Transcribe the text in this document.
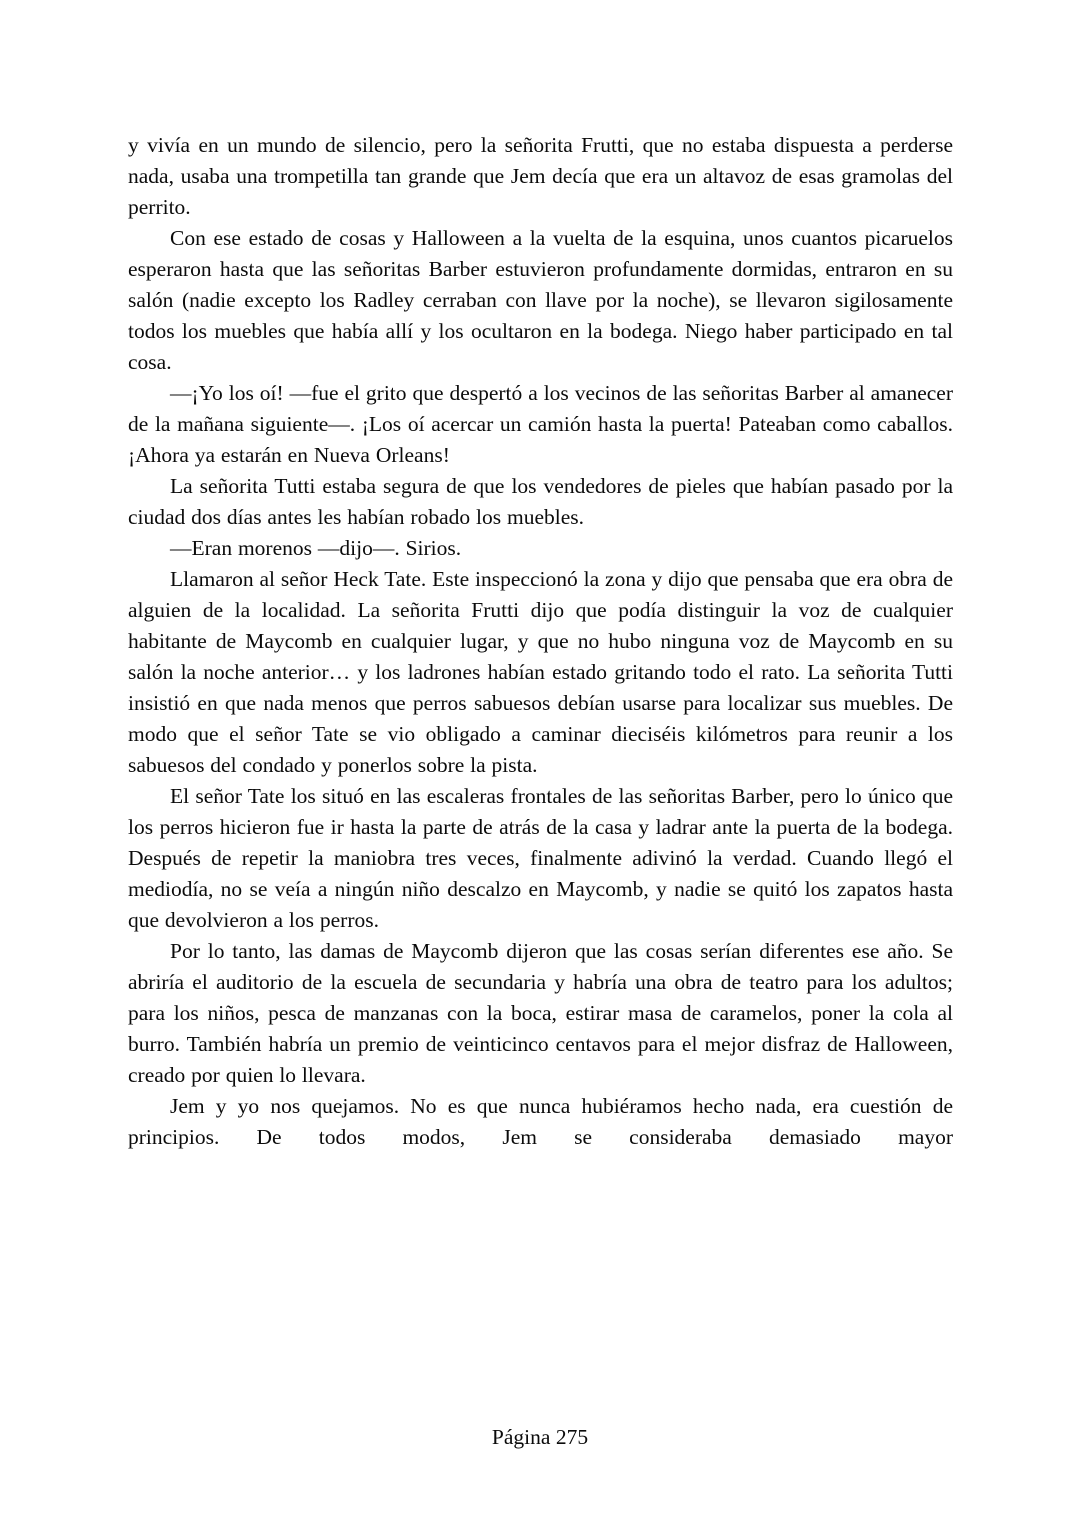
y vivía en un mundo de silencio, pero la señorita Frutti, que no estaba dispuesta a perderse nada, usaba una trompetilla tan grande que Jem decía que era un altavoz de esas gramolas del perrito.

Con ese estado de cosas y Halloween a la vuelta de la esquina, unos cuantos picaruelos esperaron hasta que las señoritas Barber estuvieron profundamente dormidas, entraron en su salón (nadie excepto los Radley cerraban con llave por la noche), se llevaron sigilosamente todos los muebles que había allí y los ocultaron en la bodega. Niego haber participado en tal cosa.

—¡Yo los oí! —fue el grito que despertó a los vecinos de las señoritas Barber al amanecer de la mañana siguiente—. ¡Los oí acercar un camión hasta la puerta! Pateaban como caballos. ¡Ahora ya estarán en Nueva Orleans!

La señorita Tutti estaba segura de que los vendedores de pieles que habían pasado por la ciudad dos días antes les habían robado los muebles.

—Eran morenos —dijo—. Sirios.

Llamaron al señor Heck Tate. Este inspeccionó la zona y dijo que pensaba que era obra de alguien de la localidad. La señorita Frutti dijo que podía distinguir la voz de cualquier habitante de Maycomb en cualquier lugar, y que no hubo ninguna voz de Maycomb en su salón la noche anterior… y los ladrones habían estado gritando todo el rato. La señorita Tutti insistió en que nada menos que perros sabuesos debían usarse para localizar sus muebles. De modo que el señor Tate se vio obligado a caminar dieciséis kilómetros para reunir a los sabuesos del condado y ponerlos sobre la pista.

El señor Tate los situó en las escaleras frontales de las señoritas Barber, pero lo único que los perros hicieron fue ir hasta la parte de atrás de la casa y ladrar ante la puerta de la bodega. Después de repetir la maniobra tres veces, finalmente adivinó la verdad. Cuando llegó el mediodía, no se veía a ningún niño descalzo en Maycomb, y nadie se quitó los zapatos hasta que devolvieron a los perros.

Por lo tanto, las damas de Maycomb dijeron que las cosas serían diferentes ese año. Se abriría el auditorio de la escuela de secundaria y habría una obra de teatro para los adultos; para los niños, pesca de manzanas con la boca, estirar masa de caramelos, poner la cola al burro. También habría un premio de veinticinco centavos para el mejor disfraz de Halloween, creado por quien lo llevara.

Jem y yo nos quejamos. No es que nunca hubiéramos hecho nada, era cuestión de principios. De todos modos, Jem se consideraba demasiado mayor

Página 275
